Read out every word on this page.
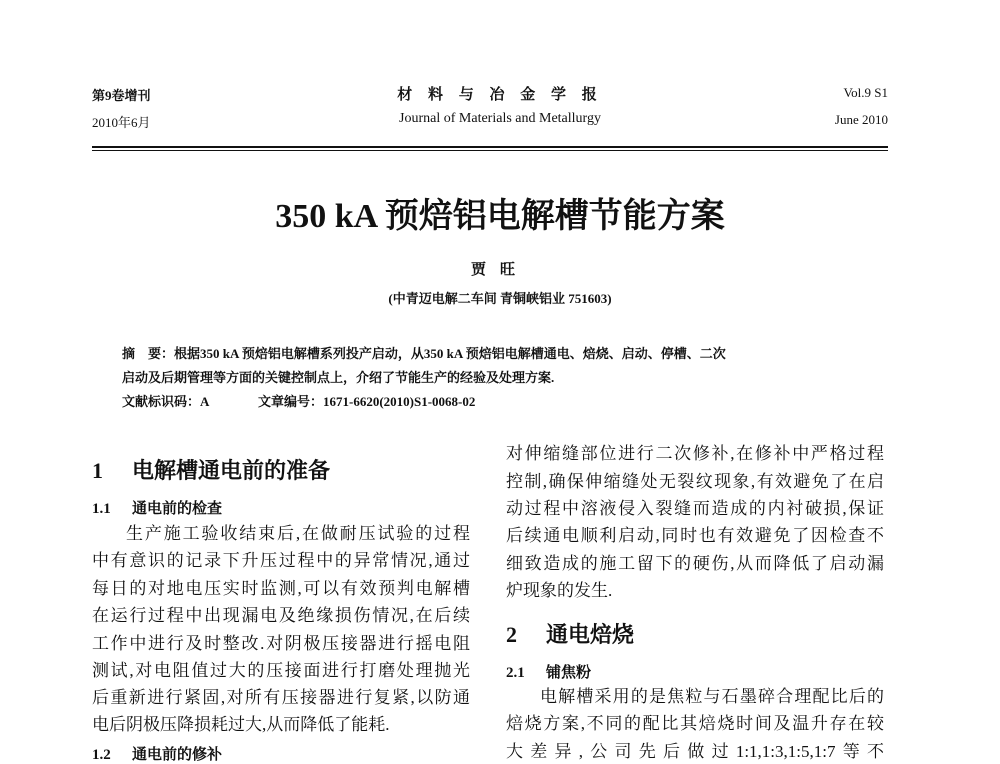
第9卷增刊
2010年6月
材 料 与 冶 金 学 报
Journal of Materials and Metallurgy
Vol.9 S1
June 2010
350 kA 预焙铝电解槽节能方案
贾旺
(中青迈电解二车间 青铜峡铝业 751603)
摘　要：根据350 kA 预焙铝电解槽系列投产启动，从350 kA 预焙铝电解槽通电、焙烧、启动、停槽、二次
启动及后期管理等方面的关键控制点上，介绍了节能生产的经验及处理方案.
文献标识码：A	文章编号：1671-6620(2010)S1-0068-02
1 电解槽通电前的准备
1.1 通电前的检查
生产施工验收结束后,在做耐压试验的过程
中有意识的记录下升压过程中的异常情况,通过
每日的对地电压实时监测,可以有效预判电解槽
在运行过程中出现漏电及绝缘损伤情况,在后续
工作中进行及时整改.对阴极压接器进行摇电阻
测试,对电阻值过大的压接面进行打磨处理抛光
后重新进行紧固,对所有压接器进行复紧,以防通
电后阴极压降损耗过大,从而降低了能耗.
1.2 通电前的修补
对伸缩缝部位进行二次修补,在修补中严格过程
控制,确保伸缩缝处无裂纹现象,有效避免了在启
动过程中溶液侵入裂缝而造成的内衬破损,保证
后续通电顺利启动,同时也有效避免了因检查不
细致造成的施工留下的硬伤,从而降低了启动漏
炉现象的发生.
2 通电焙烧
2.1 铺焦粉
电解槽采用的是焦粒与石墨碎合理配比后的
焙烧方案,不同的配比其焙烧时间及温升存在较
大差异,公司先后做过1:1,1:3,1:5,1:7等不
